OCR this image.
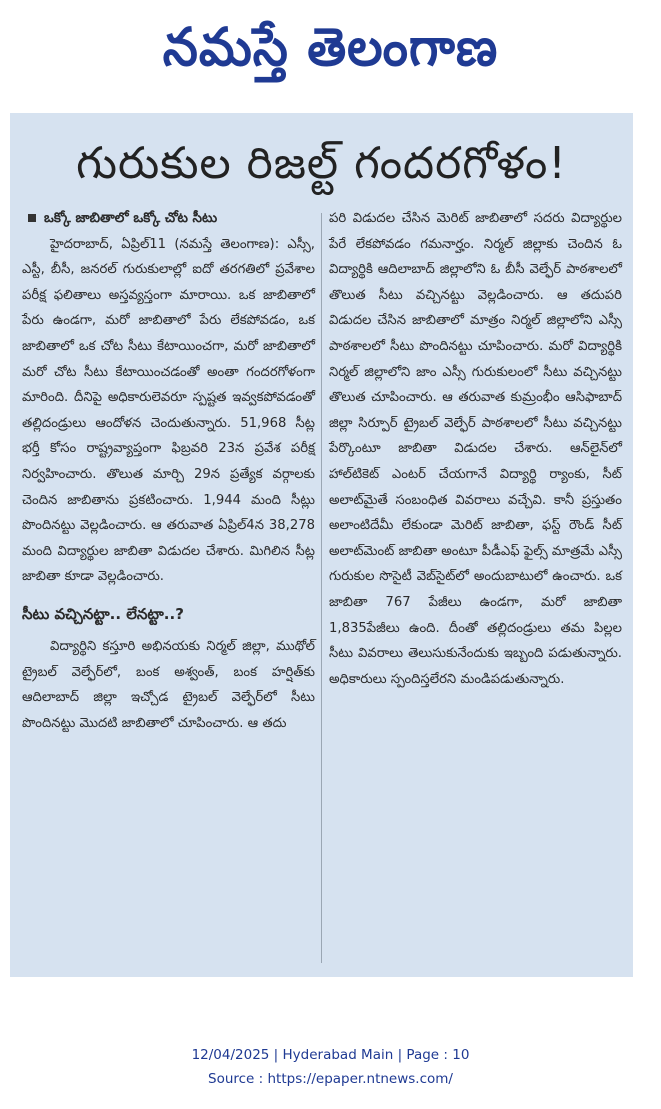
నమస్తే తెలంగాణ
గురుకుల రిజల్ట్ గందరగోళం!
ఒక్కో జాబితాలో ఒక్కో చోట సీటు

హైదరాబాద్, ఏప్రిల్11 (నమస్తే తెలంగాణ): ఎస్సీ, ఎస్టీ, బీసీ, జనరల్ గురుకులాల్లో ఐదో తరగతిలో ప్రవేశాల పరీక్ష ఫలితాలు అస్తవ్యస్తంగా మారాయి. ఒక జాబితాలో పేరు ఉండగా, మరో జాబితాలో పేరు లేకపోవడం, ఒక జాబితాలో ఒక చోట సీటు కేటాయించగా, మరో జాబితాలో మరో చోట సీటు కేటాయించడంతో అంతా గందరగోళంగా మారింది. దీనిపై అధికారులెవరూ స్పష్టత ఇవ్వకపోవడంతో తల్లిదండ్రులు ఆందోళన చెందుతున్నారు. 51,968 సీట్ల భర్తీ కోసం రాష్ట్రవ్యాప్తంగా ఫిబ్రవరి 23న ప్రవేశ పరీక్ష నిర్వహించారు. తొలుత మార్చి 29న ప్రత్యేక వర్గాలకు చెందిన జాబితాను ప్రకటించారు. 1,944 మంది సీట్లు పొందినట్టు వెల్లడించారు. ఆ తరువాత ఏప్రిల్4న 38,278 మంది విద్యార్థుల జాబితా విడుదల చేశారు. మిగిలిన సీట్ల జాబితా కూడా వెల్లడించారు.

సీటు వచ్చినట్టా.. లేనట్టా..?

విద్యార్థిని కస్తూరి అభినయకు నిర్మల్ జిల్లా, ముథోల్ ట్రైబల్ వెల్ఫేర్‌లో, బంక అశ్వంత్, బంక హర్షిత్‌కు ఆదిలాబాద్ జిల్లా ఇచ్చోడ ట్రైబల్ వెల్ఫేర్‌లో సీటు పొందినట్టు మొదటి జాబితాలో చూపించారు. ఆ తదు

పరి విడుదల చేసిన మెరిట్ జాబితాలో సదరు విద్యార్థుల పేరే లేకపోవడం గమనార్హం. నిర్మల్ జిల్లాకు చెందిన ఓ విద్యార్థికి ఆదిలాబాద్ జిల్లాలోని ఓ బీసీ వెల్ఫేర్ పాఠశాలలో తొలుత సీటు వచ్చినట్టు వెల్లడించారు. ఆ తదుపరి విడుదల చేసిన జాబితాలో మాత్రం నిర్మల్ జిల్లాలోని ఎస్సీ పాఠశాలలో సీటు పొందినట్టు చూపించారు. మరో విద్యార్థికి నిర్మల్ జిల్లాలోని జాం ఎస్సీ గురుకులంలో సీటు వచ్చినట్టు తొలుత చూపించారు. ఆ తరువాత కుమ్రంభీం ఆసిఫాబాద్ జిల్లా సిర్పూర్ ట్రైబల్ వెల్ఫేర్ పాఠశాలలో సీటు వచ్చినట్టు పేర్కొంటూ జాబితా విడుదల చేశారు. ఆన్‌లైన్‌లో హాల్‌టికెట్ ఎంటర్ చేయగానే విద్యార్థి ర్యాంకు, సీట్ అలాట్‌మైతే సంబంధిత వివరాలు వచ్చేవి. కానీ ప్రస్తుతం అలాంటిదేమీ లేకుండా మెరిట్ జాబితా, ఫస్ట్ రౌండ్ సీట్ అలాట్‌మెంట్ జాబితా అంటూ పీడీఎఫ్ ఫైల్స్ మాత్రమే ఎస్సీ గురుకుల సొసైటీ వెబ్‌సైట్‌లో అందుబాటులో ఉంచారు. ఒక జాబితా 767 పేజీలు ఉండగా, మరో జాబితా 1,835పేజీలు ఉంది. దీంతో తల్లిదండ్రులు తమ పిల్లల సీటు వివరాలు తెలుసుకునేందుకు ఇబ్బంది పడుతున్నారు. అధికారులు స్పందిస్తలేరని మండిపడుతున్నారు.

12/04/2025 | Hyderabad Main | Page : 10
Source : https://epaper.ntnews.com/
